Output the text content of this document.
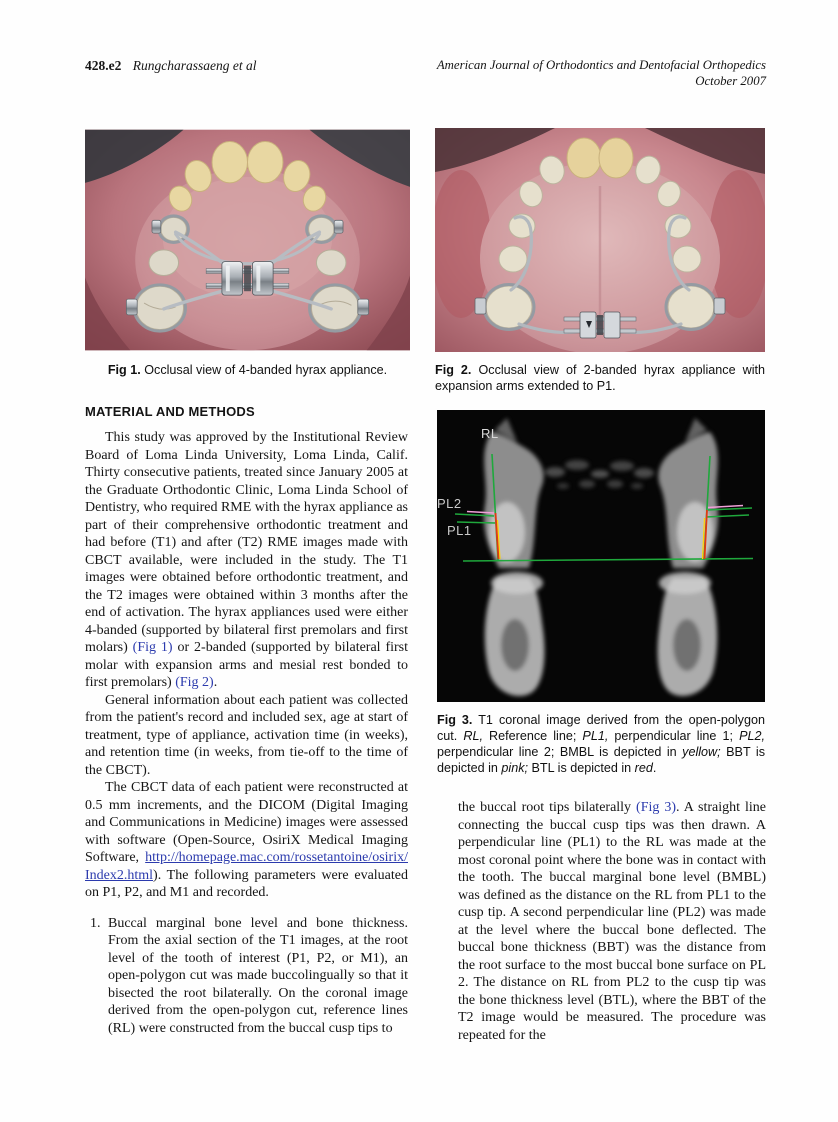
428.e2 Rungcharassaeng et al	American Journal of Orthodontics and Dentofacial Orthopedics
October 2007
Fig 1. Occlusal view of 4-banded hyrax appliance.	Fig 2. Occlusal view of 2-banded hyrax appliance with expansion arms extended to P1.
MATERIAL AND METHODS

This study was approved by the Institutional Review Board of Loma Linda University, Loma Linda, Calif. Thirty consecutive patients, treated since January 2005 at the Graduate Orthodontic Clinic, Loma Linda School of Dentistry, who required RME with the hyrax appliance as part of their comprehensive orthodontic treatment and had before (T1) and after (T2) RME images made with CBCT available, were included in the study. The T1 images were obtained before orthodontic treatment, and the T2 images were obtained within 3 months after the end of activation. The hyrax appliances used were either 4-banded (supported by bilateral first premolars and first molars) (Fig 1) or 2-banded (supported by bilateral first molar with expansion arms and mesial rest bonded to first premolars) (Fig 2).

General information about each patient was collected from the patient's record and included sex, age at start of treatment, type of appliance, activation time (in weeks), and retention time (in weeks, from tie-off to the time of the CBCT).

The CBCT data of each patient were reconstructed at 0.5 mm increments, and the DICOM (Digital Imaging and Communications in Medicine) images were assessed with software (Open-Source, OsiriX Medical Imaging Software, http://homepage.mac.com/rossetantoine/osirix/Index2.html). The following parameters were evaluated on P1, P2, and M1 and recorded.

1. Buccal marginal bone level and bone thickness. From the axial section of the T1 images, at the root level of the tooth of interest (P1, P2, or M1), an open-polygon cut was made buccolingually so that it bisected the root bilaterally. On the coronal image derived from the open-polygon cut, reference lines (RL) were constructed from the buccal cusp tips to
RL
PL2
PL1
Fig 3. T1 coronal image derived from the open-polygon cut. RL, Reference line; PL1, perpendicular line 1; PL2, perpendicular line 2; BMBL is depicted in yellow; BBT is depicted in pink; BTL is depicted in red.

the buccal root tips bilaterally (Fig 3). A straight line connecting the buccal cusp tips was then drawn. A perpendicular line (PL1) to the RL was made at the most coronal point where the bone was in contact with the tooth. The buccal marginal bone level (BMBL) was defined as the distance on the RL from PL1 to the cusp tip. A second perpendicular line (PL2) was made at the level where the buccal bone deflected. The buccal bone thickness (BBT) was the distance from the root surface to the most buccal bone surface on PL 2. The distance on RL from PL2 to the cusp tip was the bone thickness level (BTL), where the BBT of the T2 image would be measured. The procedure was repeated for the
